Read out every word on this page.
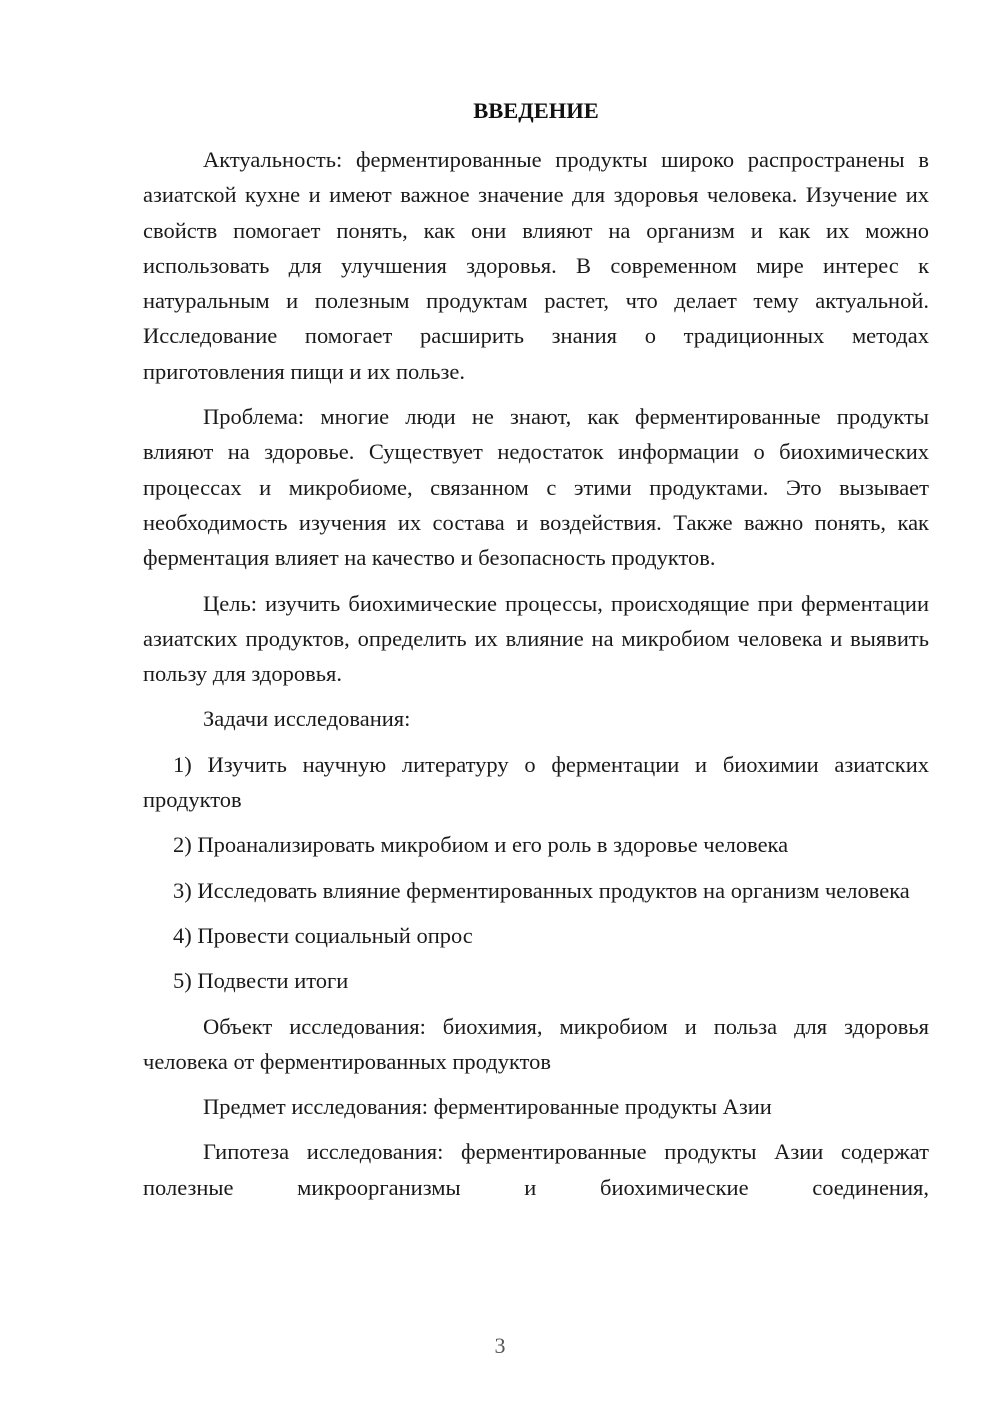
ВВЕДЕНИЕ

Актуальность: ферментированные продукты широко распространены в азиатской кухне и имеют важное значение для здоровья человека. Изучение их свойств помогает понять, как они влияют на организм и как их можно использовать для улучшения здоровья. В современном мире интерес к натуральным и полезным продуктам растет, что делает тему актуальной. Исследование помогает расширить знания о традиционных методах приготовления пищи и их пользе.

Проблема: многие люди не знают, как ферментированные продукты влияют на здоровье. Существует недостаток информации о биохимических процессах и микробиоме, связанном с этими продуктами. Это вызывает необходимость изучения их состава и воздействия. Также важно понять, как ферментация влияет на качество и безопасность продуктов.

Цель: изучить биохимические процессы, происходящие при ферментации азиатских продуктов, определить их влияние на микробиом человека и выявить пользу для здоровья.

Задачи исследования:

1) Изучить научную литературу о ферментации и биохимии азиатских продуктов

2) Проанализировать микробиом и его роль в здоровье человека

3) Исследовать влияние ферментированных продуктов на организм человека

4) Провести социальный опрос

5) Подвести итоги

Объект исследования: биохимия, микробиом и польза для здоровья человека от ферментированных продуктов

Предмет исследования: ферментированные продукты Азии

Гипотеза исследования: ферментированные продукты Азии содержат полезные микроорганизмы и биохимические соединения,

3
